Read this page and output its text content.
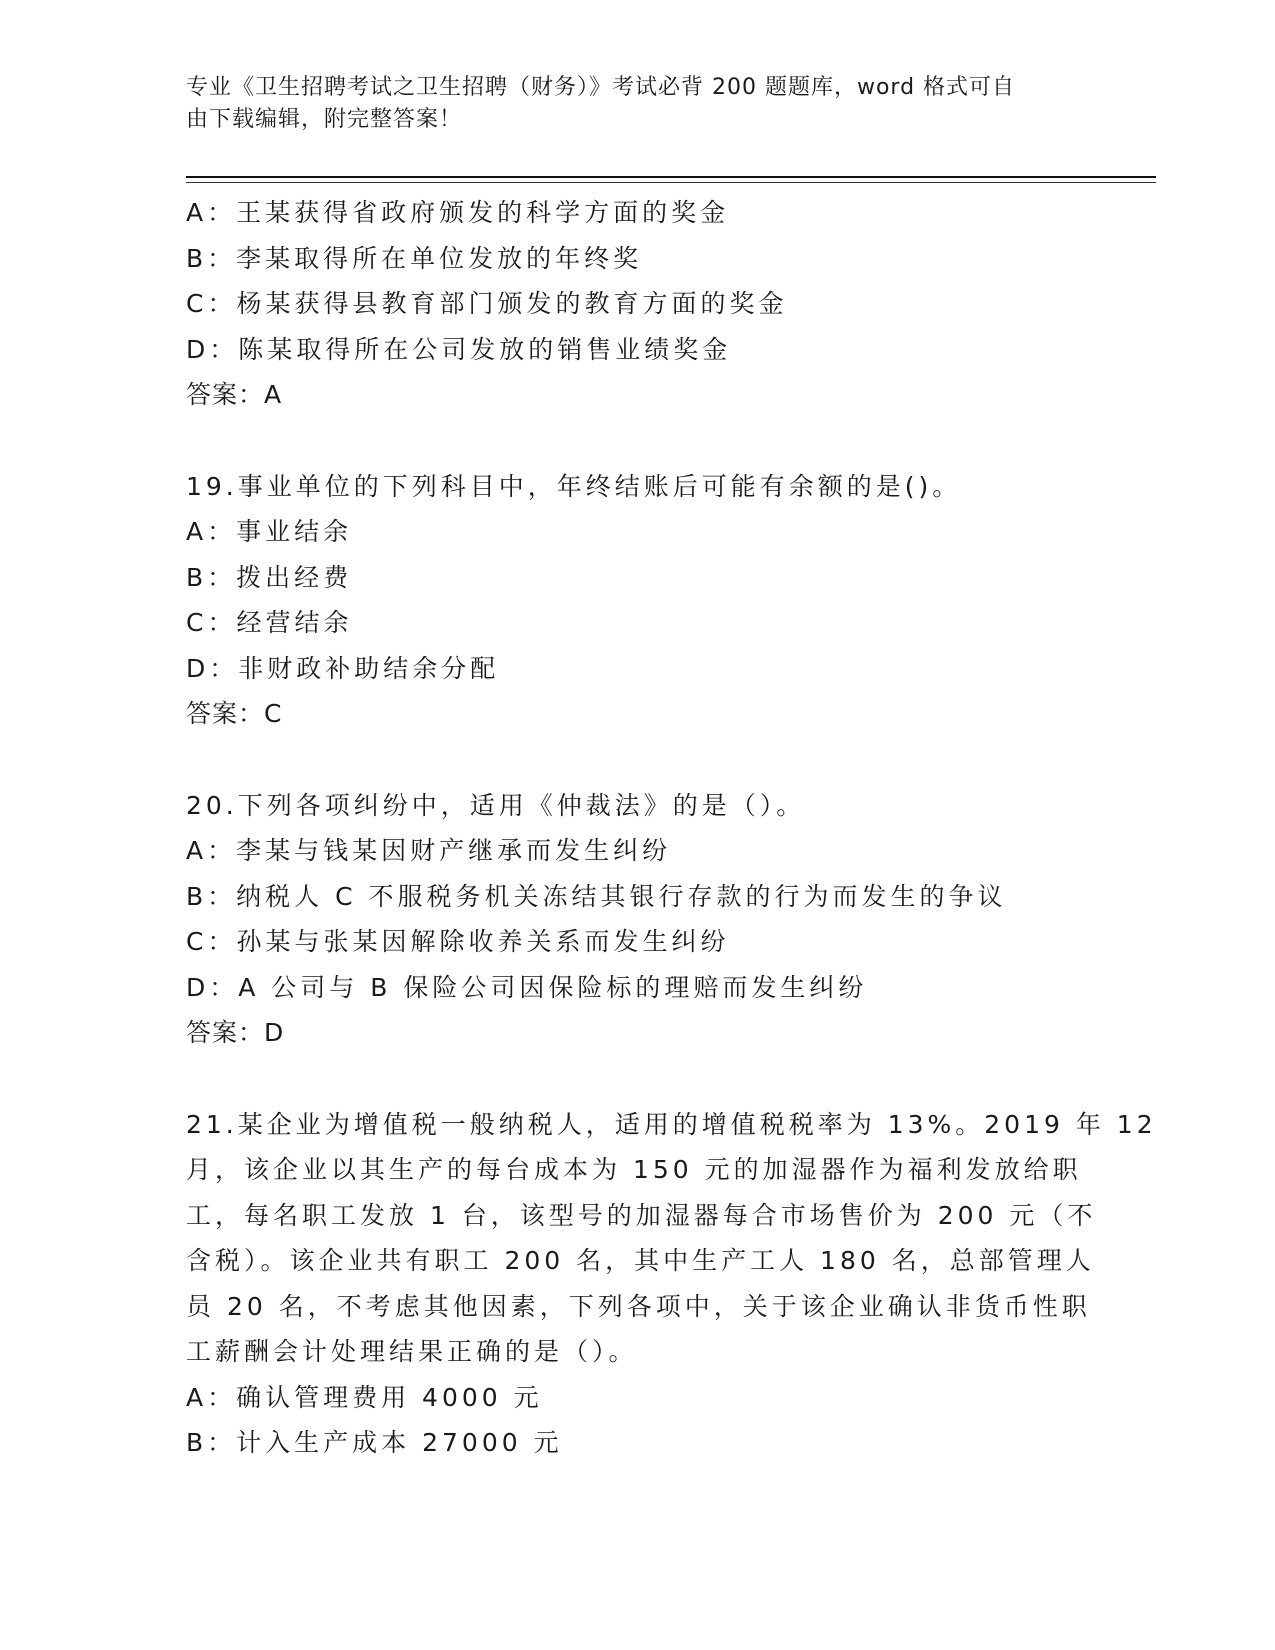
专业《卫生招聘考试之卫生招聘（财务）》考试必背 200 题题库，word 格式可自
由下载编辑，附完整答案！
A：王某获得省政府颁发的科学方面的奖金
B：李某取得所在单位发放的年终奖
C：杨某获得县教育部门颁发的教育方面的奖金
D：陈某取得所在公司发放的销售业绩奖金
答案：A
19.事业单位的下列科目中，年终结账后可能有余额的是()。
A：事业结余
B：拨出经费
C：经营结余
D：非财政补助结余分配
答案：C
20.下列各项纠纷中，适用《仲裁法》的是（）。
A：李某与钱某因财产继承而发生纠纷
B：纳税人 C 不服税务机关冻结其银行存款的行为而发生的争议
C：孙某与张某因解除收养关系而发生纠纷
D：A 公司与 B 保险公司因保险标的理赔而发生纠纷
答案：D
21.某企业为增值税一般纳税人，适用的增值税税率为 13%。2019 年 12
月，该企业以其生产的每台成本为 150 元的加湿器作为福利发放给职
工，每名职工发放 1 台，该型号的加湿器每合市场售价为 200 元（不
含税）。该企业共有职工 200 名，其中生产工人 180 名，总部管理人
员 20 名，不考虑其他因素，下列各项中，关于该企业确认非货币性职
工薪酬会计处理结果正确的是（）。
A：确认管理费用 4000 元
B：计入生产成本 27000 元
